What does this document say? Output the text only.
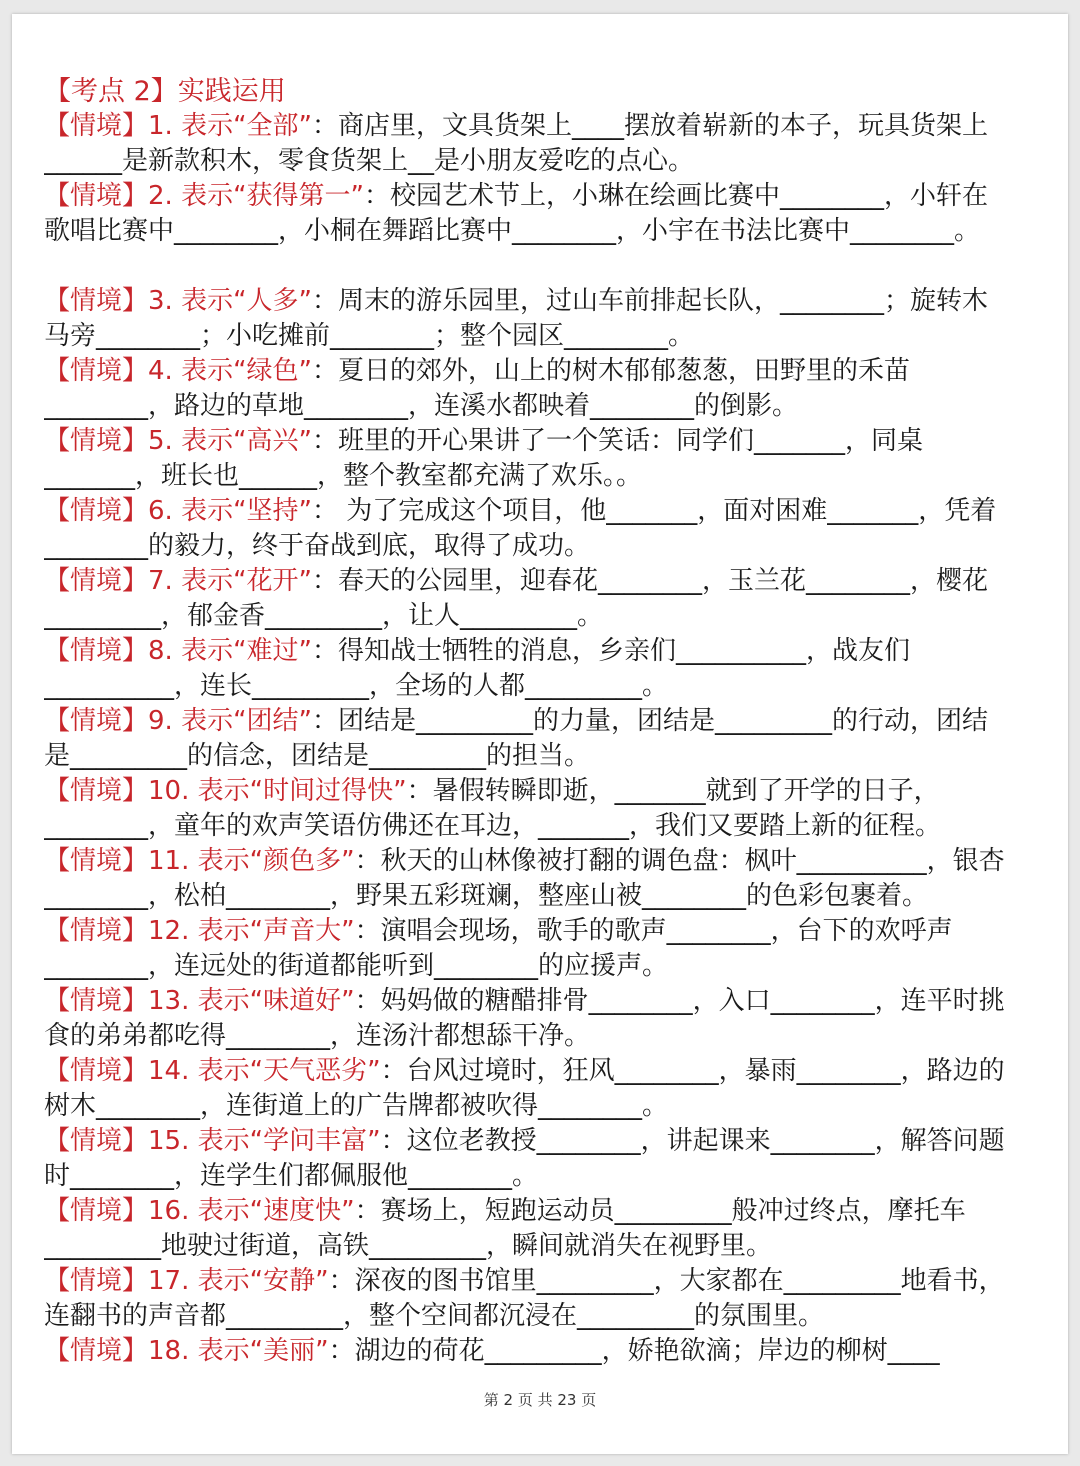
【考点 2】实践运用
【情境】1. 表示“全部”：商店里，文具货架上____摆放着崭新的本子，玩具货架上______是新款积木，零食货架上__是小朋友爱吃的点心。
【情境】2. 表示“获得第一”：校园艺术节上，小琳在绘画比赛中________，小轩在歌唱比赛中________，小桐在舞蹈比赛中________，小宇在书法比赛中________。
【情境】3. 表示“人多”：周末的游乐园里，过山车前排起长队，________；旋转木马旁________；小吃摊前________；整个园区________。
【情境】4. 表示“绿色”：夏日的郊外，山上的树木郁郁葱葱，田野里的禾苗________，路边的草地________，连溪水都映着________的倒影。
【情境】5. 表示“高兴”：班里的开心果讲了一个笑话：同学们_______，同桌_______，班长也______，整个教室都充满了欢乐。。
【情境】6. 表示“坚持”： 为了完成这个项目，他_______，面对困难_______，凭着________的毅力，终于奋战到底，取得了成功。
【情境】7. 表示“花开”：春天的公园里，迎春花________，玉兰花________，樱花_________，郁金香_________，让人_________。
【情境】8. 表示“难过”：得知战士牺牲的消息，乡亲们__________，战友们__________，连长_________，全场的人都_________。
【情境】9. 表示“团结”：团结是_________的力量，团结是_________的行动，团结是_________的信念，团结是_________的担当。
【情境】10. 表示“时间过得快”：暑假转瞬即逝，_______就到了开学的日子，________，童年的欢声笑语仿佛还在耳边，_______，我们又要踏上新的征程。
【情境】11. 表示“颜色多”：秋天的山林像被打翻的调色盘：枫叶__________，银杏________，松柏________，野果五彩斑斓，整座山被________的色彩包裹着。
【情境】12. 表示“声音大”：演唱会现场，歌手的歌声________，台下的欢呼声________，连远处的街道都能听到________的应援声。
【情境】13. 表示“味道好”：妈妈做的糖醋排骨________，入口________，连平时挑食的弟弟都吃得________，连汤汁都想舔干净。
【情境】14. 表示“天气恶劣”：台风过境时，狂风________，暴雨________，路边的树木________，连街道上的广告牌都被吹得________。
【情境】15. 表示“学问丰富”：这位老教授________，讲起课来________，解答问题时________，连学生们都佩服他________。
【情境】16. 表示“速度快”：赛场上，短跑运动员_________般冲过终点，摩托车_________地驶过街道，高铁_________，瞬间就消失在视野里。
【情境】17. 表示“安静”：深夜的图书馆里_________，大家都在_________地看书，连翻书的声音都_________，整个空间都沉浸在_________的氛围里。
【情境】18. 表示“美丽”：湖边的荷花_________，娇艳欲滴；岸边的柳树____
第 2 页 共 23 页
